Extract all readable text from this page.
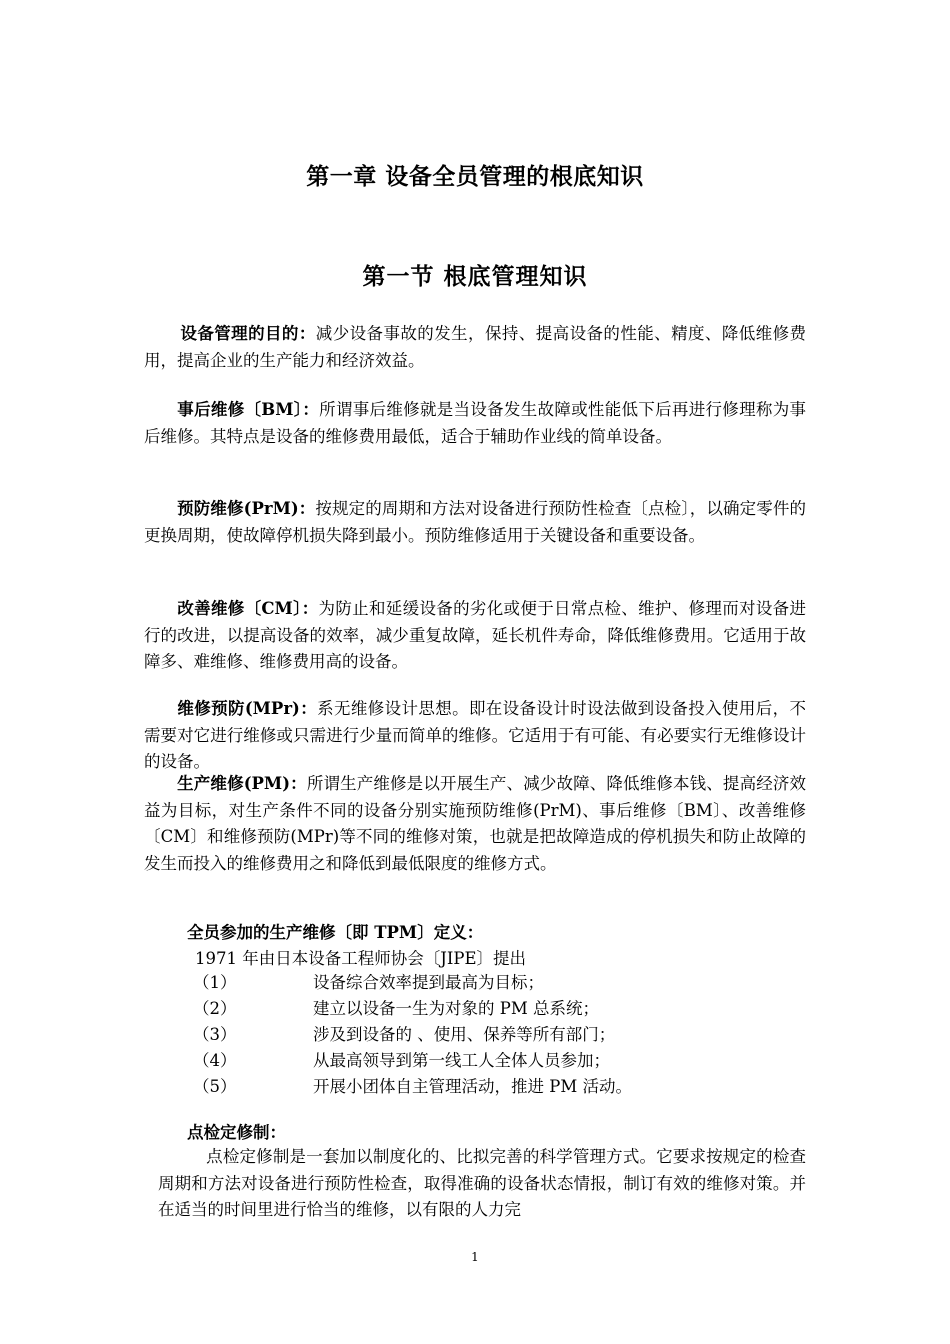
第一章 设备全员管理的根底知识
第一节 根底管理知识
设备管理的目的：减少设备事故的发生，保持、提高设备的性能、精度、降低维修费用，提高企业的生产能力和经济效益。
事后维修〔BM〕：所谓事后维修就是当设备发生故障或性能低下后再进行修理称为事后维修。其特点是设备的维修费用最低，适合于辅助作业线的简单设备。
预防维修(PrM)：按规定的周期和方法对设备进行预防性检查〔点检〕，以确定零件的更换周期，使故障停机损失降到最小。预防维修适用于关键设备和重要设备。
改善维修〔CM〕：为防止和延缓设备的劣化或便于日常点检、维护、修理而对设备进行的改进，以提高设备的效率，减少重复故障，延长机件寿命，降低维修费用。它适用于故障多、难维修、维修费用高的设备。
维修预防(MPr)：系无维修设计思想。即在设备设计时设法做到设备投入使用后，不需要对它进行维修或只需进行少量而简单的维修。它适用于有可能、有必要实行无维修设计的设备。
生产维修(PM)：所谓生产维修是以开展生产、减少故障、降低维修本钱、提高经济效益为目标，对生产条件不同的设备分别实施预防维修(PrM)、事后维修〔BM〕、改善维修〔CM〕和维修预防(MPr)等不同的维修对策，也就是把故障造成的停机损失和防止故障的发生而投入的维修费用之和降低到最低限度的维修方式。
全员参加的生产维修〔即 TPM〕定义：
1971 年由日本设备工程师协会〔JIPE〕提出
（1）	设备综合效率提到最高为目标；
（2）	建立以设备一生为对象的 PM 总系统；
（3）	涉及到设备的 、使用、保养等所有部门；
（4）	从最高领导到第一线工人全体人员参加；
（5）	开展小团体自主管理活动，推进 PM 活动。
点检定修制：
点检定修制是一套加以制度化的、比拟完善的科学管理方式。它要求按规定的检查周期和方法对设备进行预防性检查，取得准确的设备状态情报，制订有效的维修对策。并在适当的时间里进行恰当的维修，以有限的人力完
1
